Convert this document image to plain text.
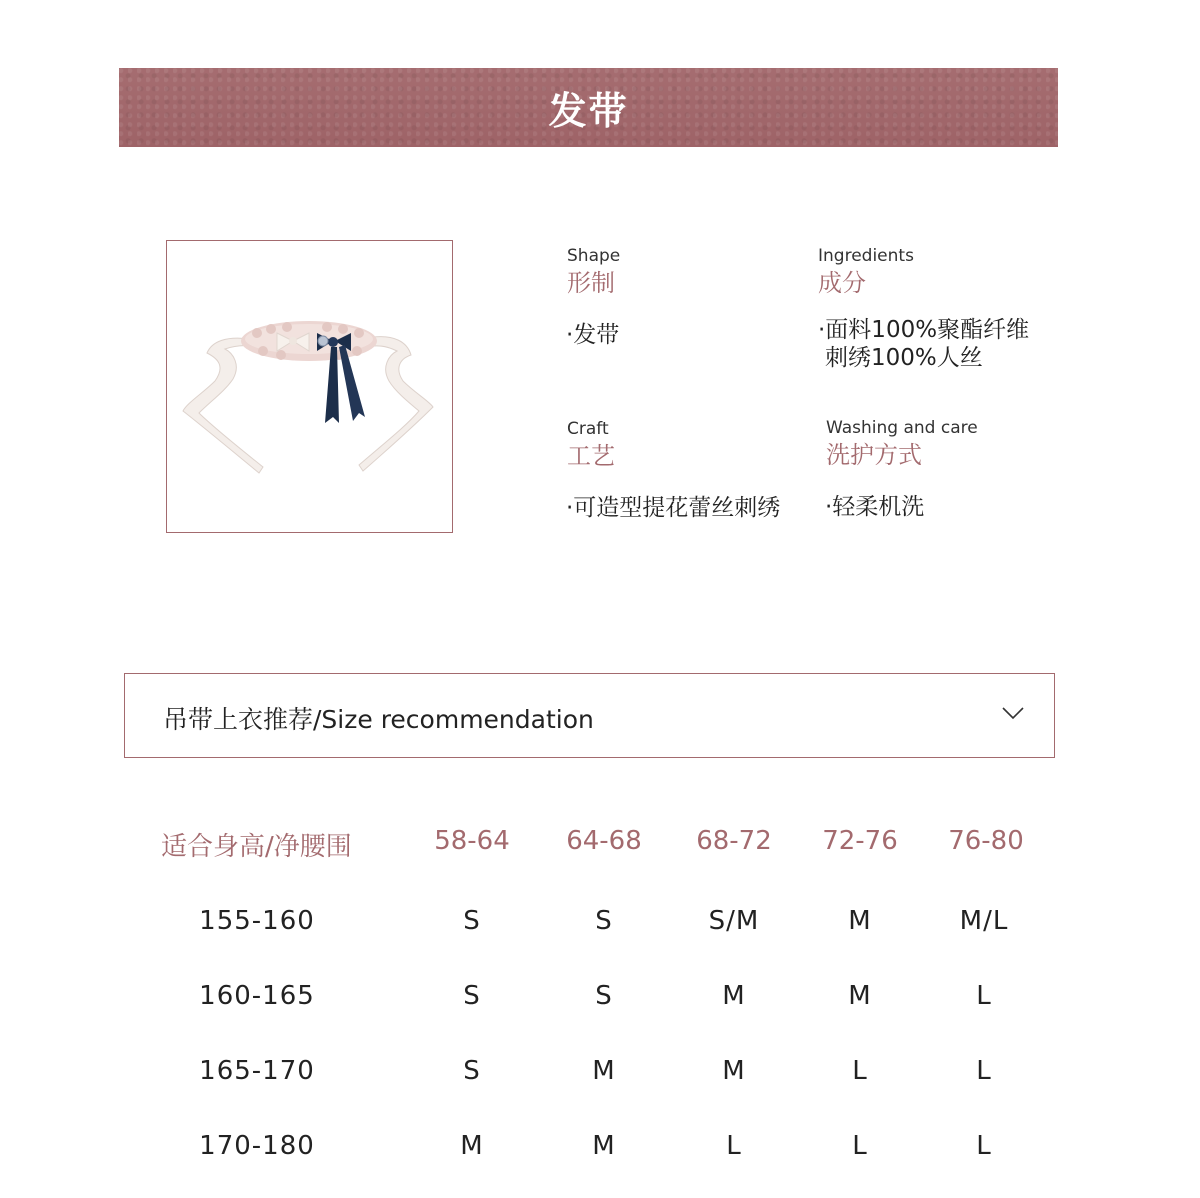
发带
Shape
形制
·发带
Ingredients
成分
·面料100%聚酯纤维
刺绣100%人丝
Craft
工艺
·可造型提花蕾丝刺绣
Washing and care
洗护方式
·轻柔机洗
吊带上衣推荐/Size recommendation
适合身高/净腰围	58-64	64-68	68-72	72-76	76-80
155-160	S	S	S/M	M	M/L
160-165	S	S	M	M	L
165-170	S	M	M	L	L
170-180	M	M	L	L	L
